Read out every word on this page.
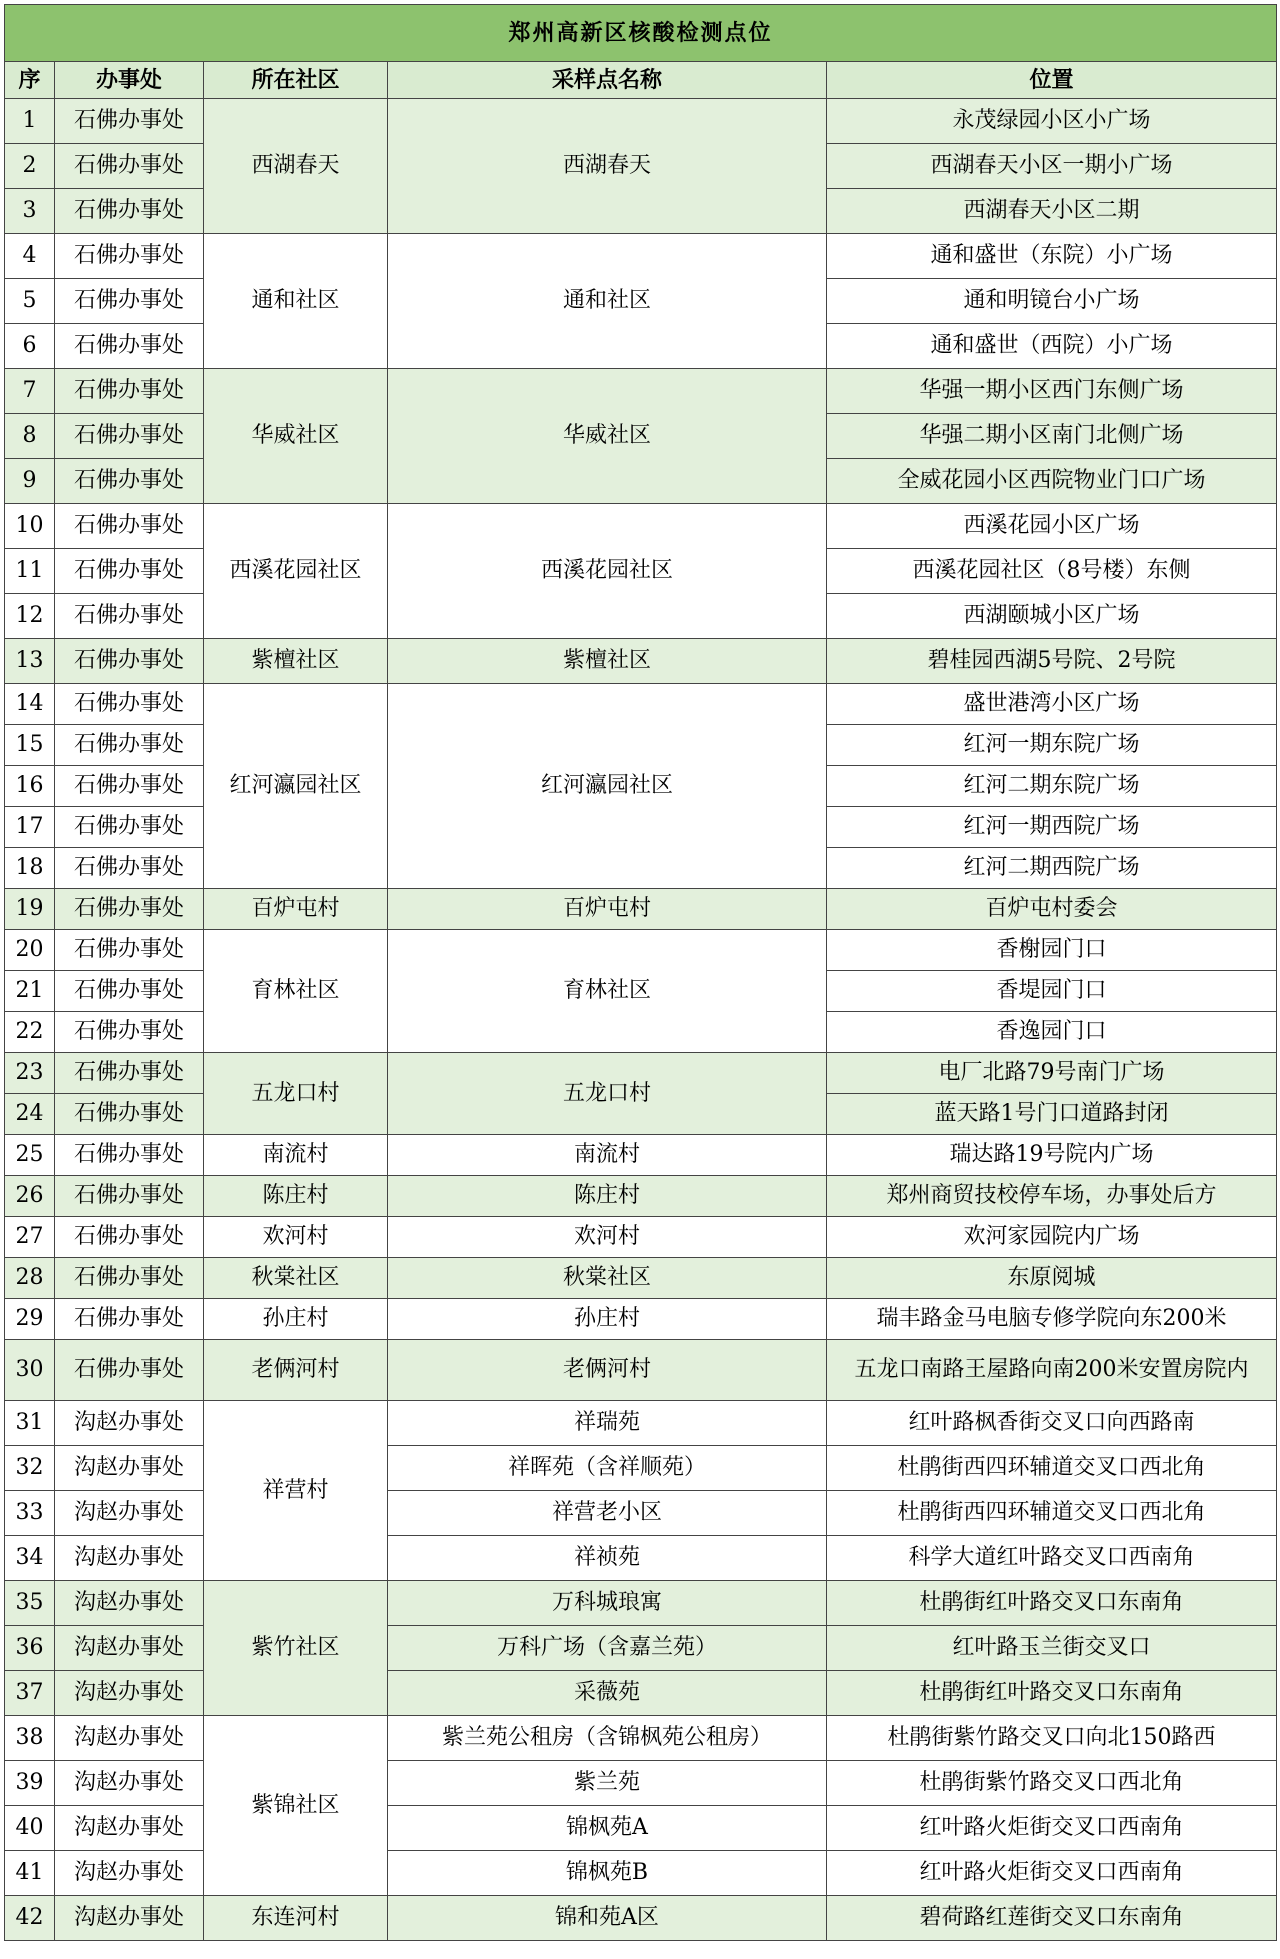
郑州高新区核酸检测点位				
序	办事处	所在社区	采样点名称	位置
1	石佛办事处	西湖春天	西湖春天	永茂绿园小区小广场
2	石佛办事处			西湖春天小区一期小广场
3	石佛办事处			西湖春天小区二期
4	石佛办事处	通和社区	通和社区	通和盛世（东院）小广场
5	石佛办事处			通和明镜台小广场
6	石佛办事处			通和盛世（西院）小广场
7	石佛办事处	华威社区	华威社区	华强一期小区西门东侧广场
8	石佛办事处			华强二期小区南门北侧广场
9	石佛办事处			全威花园小区西院物业门口广场
10	石佛办事处	西溪花园社区	西溪花园社区	西溪花园小区广场
11	石佛办事处			西溪花园社区（8号楼）东侧
12	石佛办事处			西湖颐城小区广场
13	石佛办事处	紫檀社区	紫檀社区	碧桂园西湖5号院、2号院
14	石佛办事处	红河瀛园社区	红河瀛园社区	盛世港湾小区广场
15	石佛办事处			红河一期东院广场
16	石佛办事处			红河二期东院广场
17	石佛办事处			红河一期西院广场
18	石佛办事处			红河二期西院广场
19	石佛办事处	百炉屯村	百炉屯村	百炉屯村委会
20	石佛办事处	育林社区	育林社区	香榭园门口
21	石佛办事处			香堤园门口
22	石佛办事处			香逸园门口
23	石佛办事处	五龙口村	五龙口村	电厂北路79号南门广场
24	石佛办事处			蓝天路1号门口道路封闭
25	石佛办事处	南流村	南流村	瑞达路19号院内广场
26	石佛办事处	陈庄村	陈庄村	郑州商贸技校停车场，办事处后方
27	石佛办事处	欢河村	欢河村	欢河家园院内广场
28	石佛办事处	秋棠社区	秋棠社区	东原阅城
29	石佛办事处	孙庄村	孙庄村	瑞丰路金马电脑专修学院向东200米
30	石佛办事处	老俩河村	老俩河村	五龙口南路王屋路向南200米安置房院内
31	沟赵办事处	祥营村	祥瑞苑	红叶路枫香街交叉口向西路南
32	沟赵办事处		祥晖苑（含祥顺苑）	杜鹃街西四环辅道交叉口西北角
33	沟赵办事处		祥营老小区	杜鹃街西四环辅道交叉口西北角
34	沟赵办事处		祥祯苑	科学大道红叶路交叉口西南角
35	沟赵办事处	紫竹社区	万科城琅寓	杜鹃街红叶路交叉口东南角
36	沟赵办事处		万科广场（含嘉兰苑）	红叶路玉兰街交叉口
37	沟赵办事处		采薇苑	杜鹃街红叶路交叉口东南角
38	沟赵办事处	紫锦社区	紫兰苑公租房（含锦枫苑公租房）	杜鹃街紫竹路交叉口向北150路西
39	沟赵办事处		紫兰苑	杜鹃街紫竹路交叉口西北角
40	沟赵办事处		锦枫苑A	红叶路火炬街交叉口西南角
41	沟赵办事处		锦枫苑B	红叶路火炬街交叉口西南角
42	沟赵办事处	东连河村	锦和苑A区	碧荷路红莲街交叉口东南角
